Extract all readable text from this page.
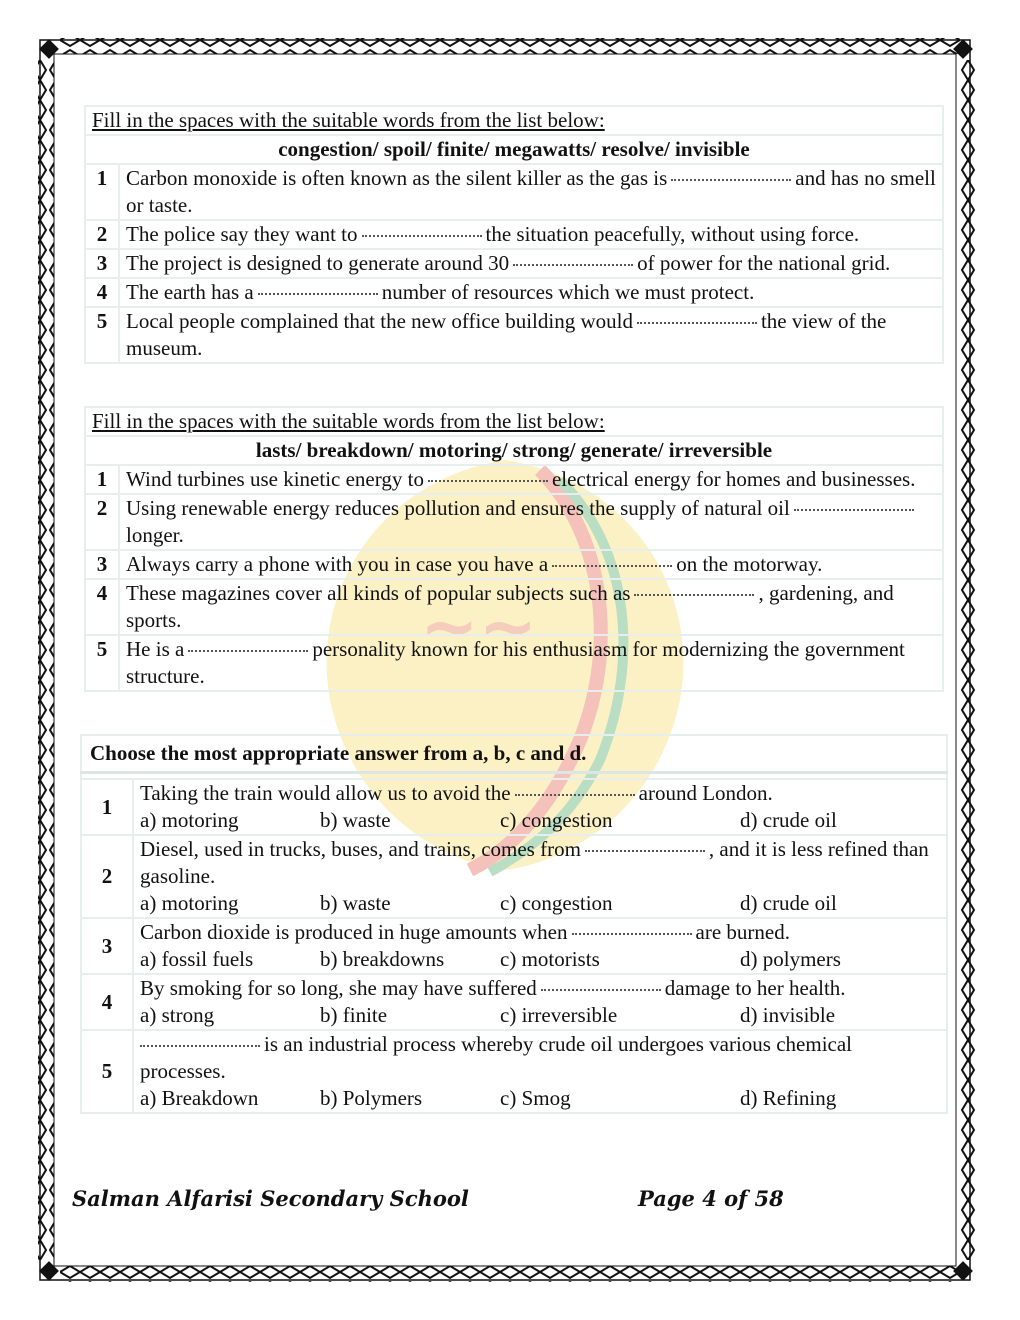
~~
Fill in the spaces with the suitable words from the list below:	
congestion/ spoil/ finite/ megawatts/ resolve/ invisible	
1	Carbon monoxide is often known as the silent killer as the gas is and has no smell or taste.
2	The police say they want to the situation peacefully, without using force.
3	The project is designed to generate around 30 of power for the national grid.
4	The earth has a number of resources which we must protect.
5	Local people complained that the new office building would the view of the museum.
Fill in the spaces with the suitable words from the list below:	
lasts/ breakdown/ motoring/ strong/ generate/ irreversible	
1	Wind turbines use kinetic energy to electrical energy for homes and businesses.
2	Using renewable energy reduces pollution and ensures the supply of natural oillonger.
3	Always carry a phone with you in case you have a on the motorway.
4	These magazines cover all kinds of popular subjects such as , gardening, and sports.
5	He is a personality known for his enthusiasm for modernizing the government structure.
Choose the most appropriate answer from a, b, c and d.	

1	Taking the train would allow us to avoid the around London.
a) motoring b) waste c) congestion d) crude oil

2	Diesel, used in trucks, buses, and trains, comes from , and it is less refined than gasoline.
a) motoring b) waste c) congestion d) crude oil

3	Carbon dioxide is produced in huge amounts when are burned.
a) fossil fuels b) breakdowns c) motorists d) polymers

4	By smoking for so long, she may have suffered damage to her health.
a) strong b) finite c) irreversible d) invisible

5	is an industrial process whereby crude oil undergoes various chemical processes.
a) Breakdown b) Polymers c) Smog d) Refining
Salman Alfarisi Secondary School	Page 4 of 58
